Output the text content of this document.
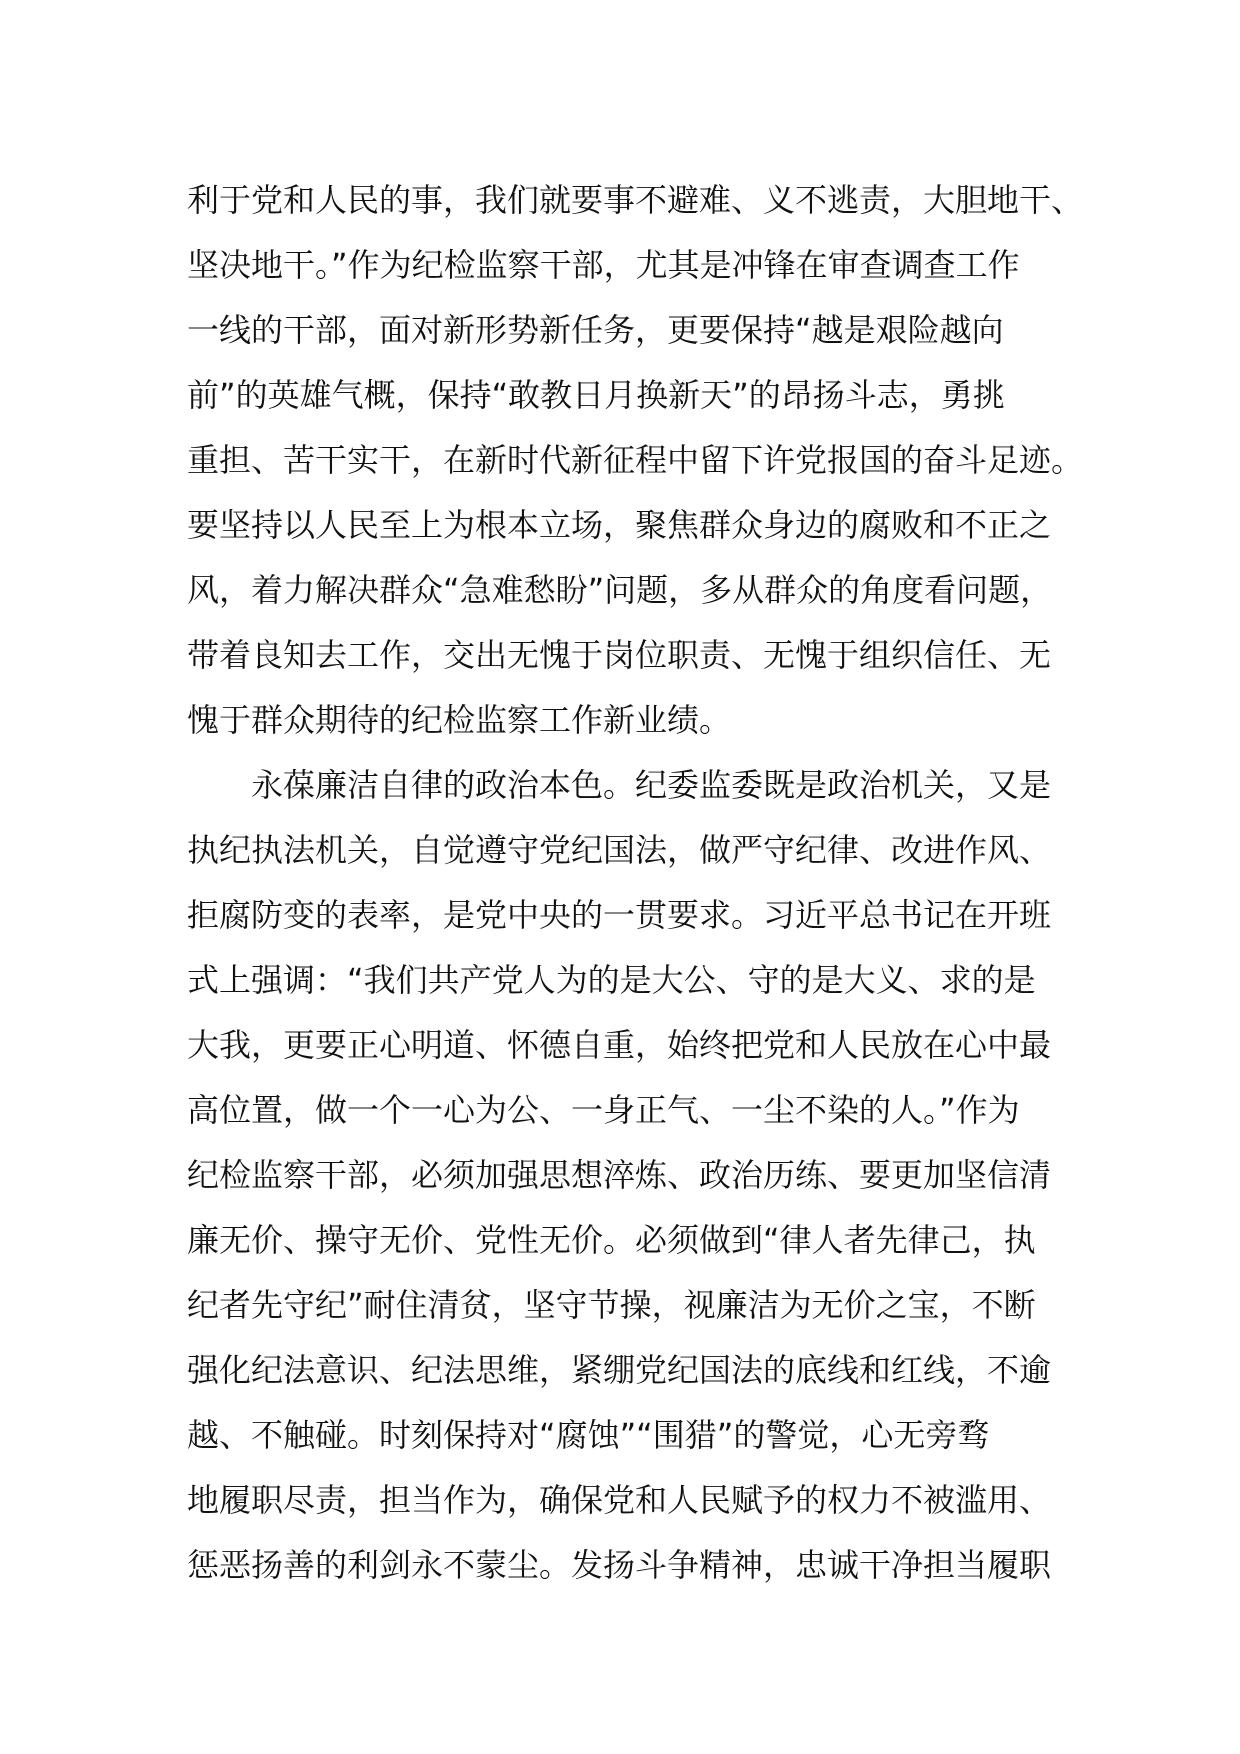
利于党和人民的事，我们就要事不避难、义不逃责，大胆地干、
坚决地干。”作为纪检监察干部，尤其是冲锋在审查调查工作
一线的干部，面对新形势新任务，更要保持“越是艰险越向
前”的英雄气概，保持“敢教日月换新天”的昂扬斗志，勇挑
重担、苦干实干，在新时代新征程中留下许党报国的奋斗足迹。
要坚持以人民至上为根本立场，聚焦群众身边的腐败和不正之
风，着力解决群众“急难愁盼”问题，多从群众的角度看问题，
带着良知去工作，交出无愧于岗位职责、无愧于组织信任、无
愧于群众期待的纪检监察工作新业绩。
永葆廉洁自律的政治本色。纪委监委既是政治机关，又是
执纪执法机关，自觉遵守党纪国法，做严守纪律、改进作风、
拒腐防变的表率，是党中央的一贯要求。习近平总书记在开班
式上强调：“我们共产党人为的是大公、守的是大义、求的是
大我，更要正心明道、怀德自重，始终把党和人民放在心中最
高位置，做一个一心为公、一身正气、一尘不染的人。”作为
纪检监察干部，必须加强思想淬炼、政治历练、要更加坚信清
廉无价、操守无价、党性无价。必须做到“律人者先律己，执
纪者先守纪”耐住清贫，坚守节操，视廉洁为无价之宝，不断
强化纪法意识、纪法思维，紧绷党纪国法的底线和红线，不逾
越、不触碰。时刻保持对“腐蚀”“围猎”的警觉，心无旁骛
地履职尽责，担当作为，确保党和人民赋予的权力不被滥用、
惩恶扬善的利剑永不蒙尘。发扬斗争精神，忠诚干净担当履职
